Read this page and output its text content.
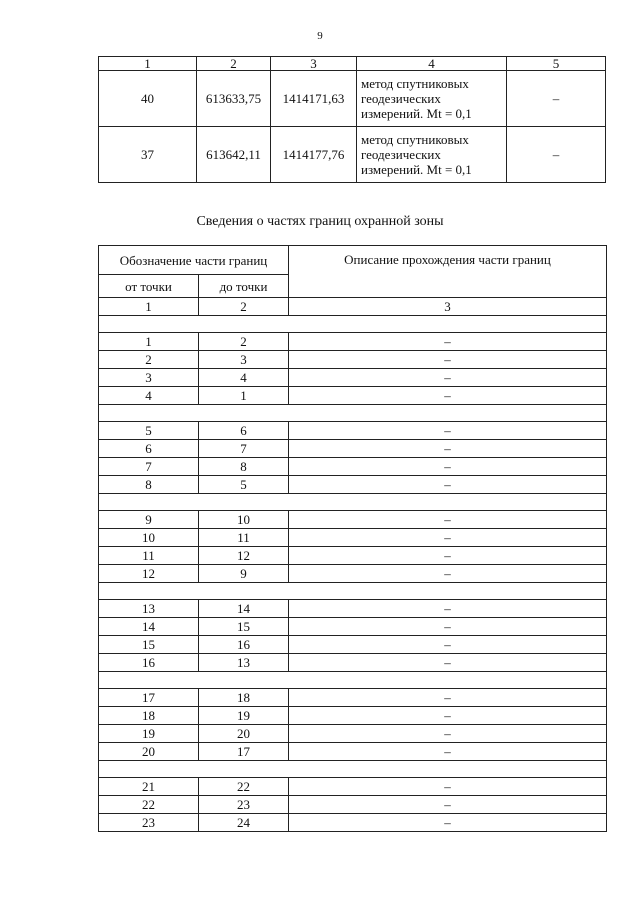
9
1	2	3	4	5
40	613633,75	1414171,63	метод спутниковых
геодезических
измерений. Mt = 0,1	–
37	613642,11	1414177,76	метод спутниковых
геодезических
измерений. Mt = 0,1	–
Сведения о частях границ охранной зоны
Обозначение части границ		Описание прохождения части границ
от точки	до точки	
1	2	3

1	2	–
2	3	–
3	4	–
4	1	–

5	6	–
6	7	–
7	8	–
8	5	–

9	10	–
10	11	–
11	12	–
12	9	–

13	14	–
14	15	–
15	16	–
16	13	–

17	18	–
18	19	–
19	20	–
20	17	–

21	22	–
22	23	–
23	24	–
